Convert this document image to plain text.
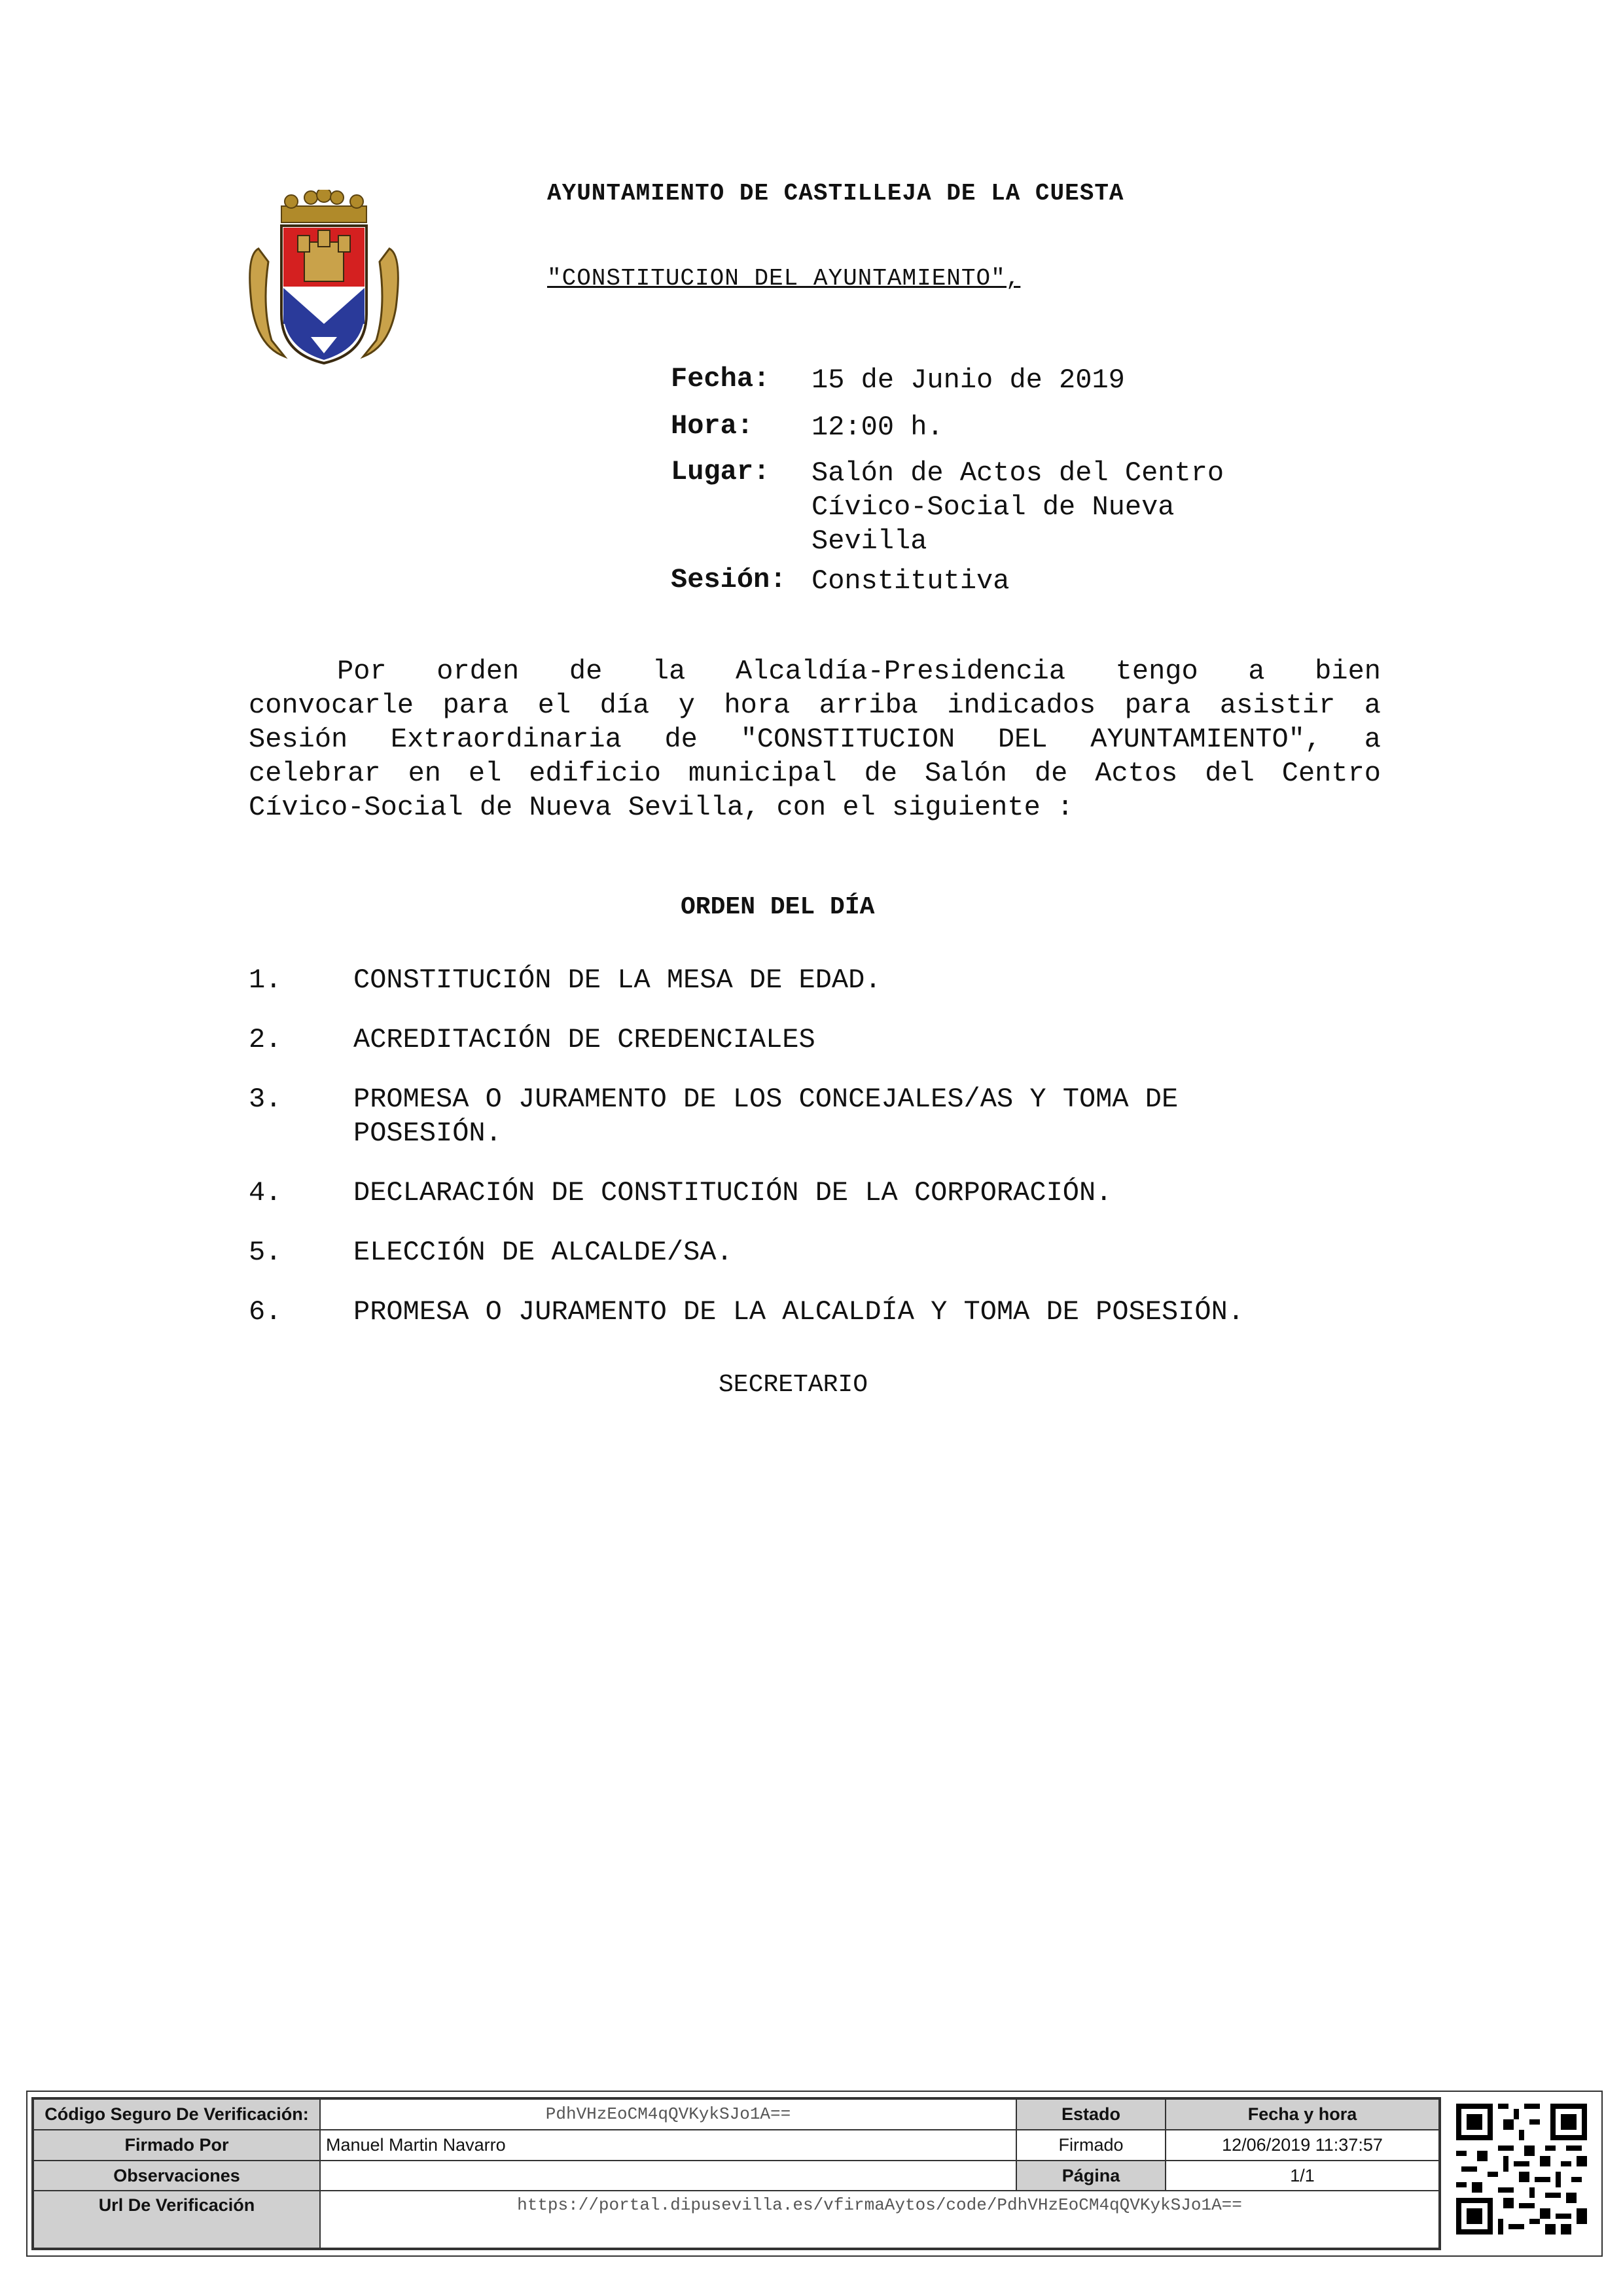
AYUNTAMIENTO DE CASTILLEJA DE LA CUESTA
"CONSTITUCION DEL AYUNTAMIENTO",
Fecha: 15 de Junio de 2019
Hora: 12:00 h.
Lugar: Salón de Actos del Centro
Cívico-Social de Nueva
Sevilla
Sesión: Constitutiva
Por orden de la Alcaldía-Presidencia tengo a bien
convocarle para el día y hora arriba indicados para asistir a
Sesión Extraordinaria de "CONSTITUCION DEL AYUNTAMIENTO", a
celebrar en el edificio municipal de Salón de Actos del Centro
Cívico-Social de Nueva Sevilla, con el siguiente :
ORDEN DEL DÍA
1.	CONSTITUCIÓN DE LA MESA DE EDAD.
2.	ACREDITACIÓN DE CREDENCIALES
3.	PROMESA O JURAMENTO DE LOS CONCEJALES/AS Y TOMA DE
POSESIÓN.
4.	DECLARACIÓN DE CONSTITUCIÓN DE LA CORPORACIÓN.
5.	ELECCIÓN DE ALCALDE/SA.
6.	PROMESA O JURAMENTO DE LA ALCALDÍA Y TOMA DE POSESIÓN.
SECRETARIO
Código Seguro De Verificación:	PdhVHzEoCM4qQVKykSJo1A==	Estado	Fecha y hora
Firmado Por	Manuel Martin Navarro	Firmado	12/06/2019 11:37:57
Observaciones		Página	1/1
Url De Verificación	https://portal.dipusevilla.es/vfirmaAytos/code/PdhVHzEoCM4qQVKykSJo1A==		
